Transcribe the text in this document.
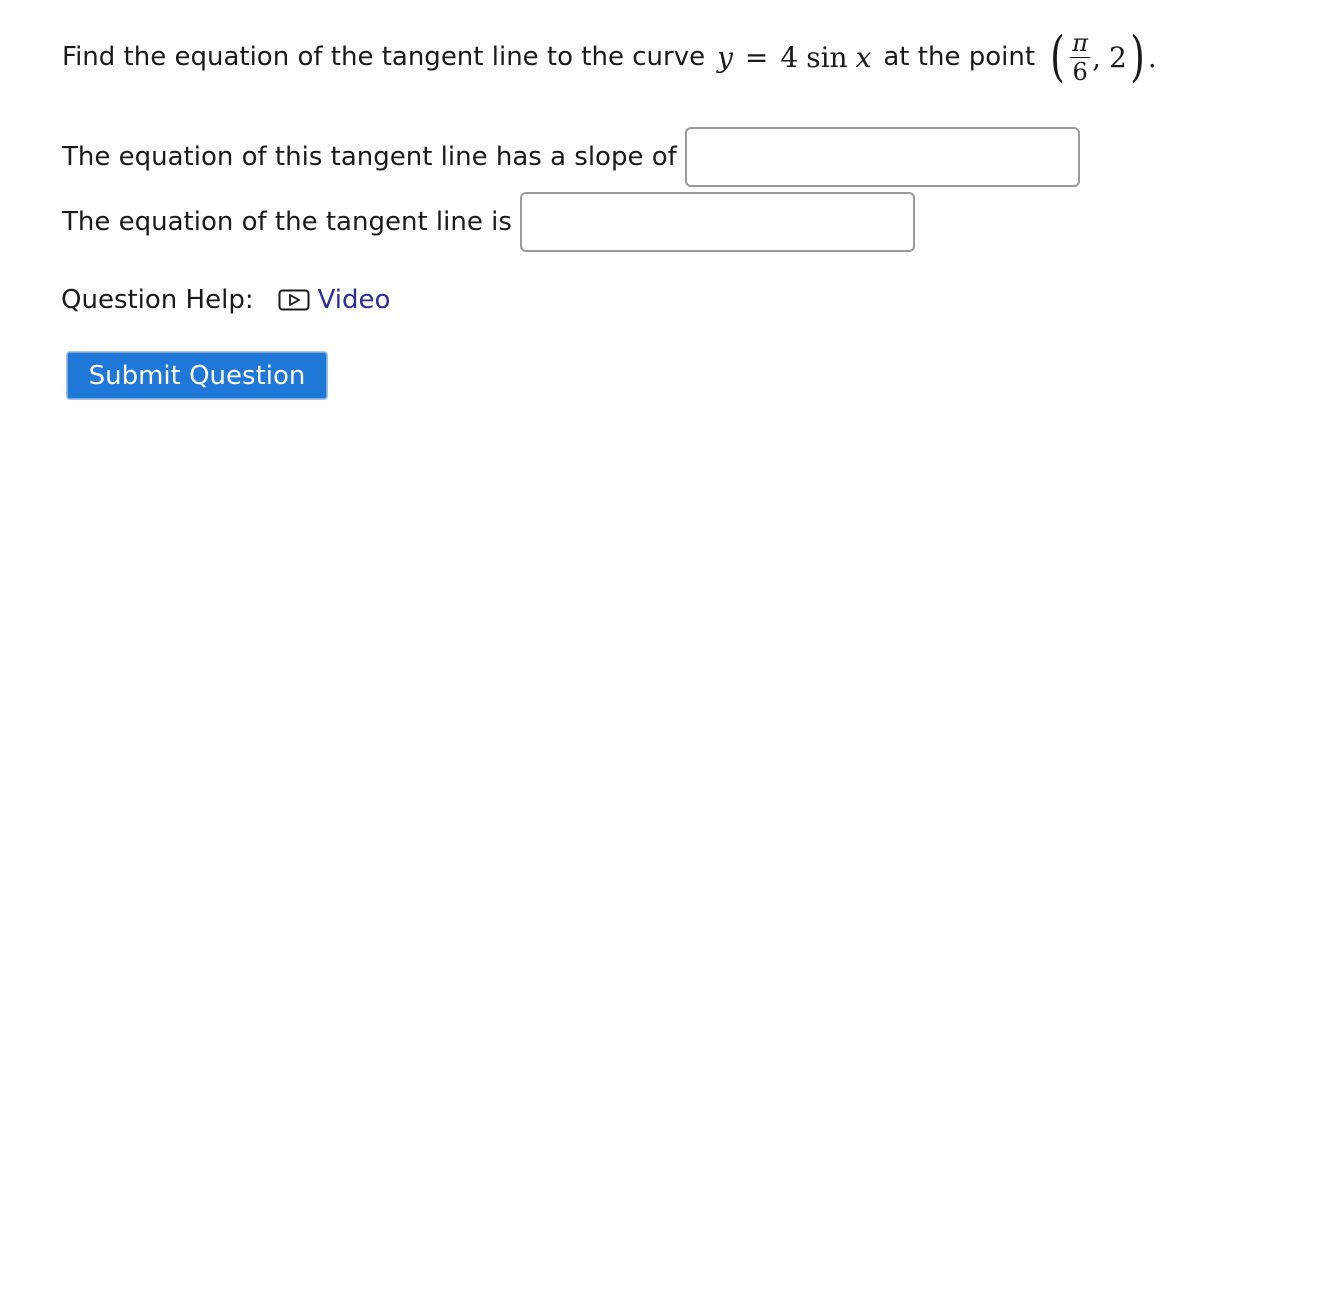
Find the equation of the tangent line to the curve y = 4 sin x at the point ( $\frac{\pi}{6}$ , 2 ) .
The equation of this tangent line has a slope of
The equation of the tangent line is
Question Help: Video
Submit Question
